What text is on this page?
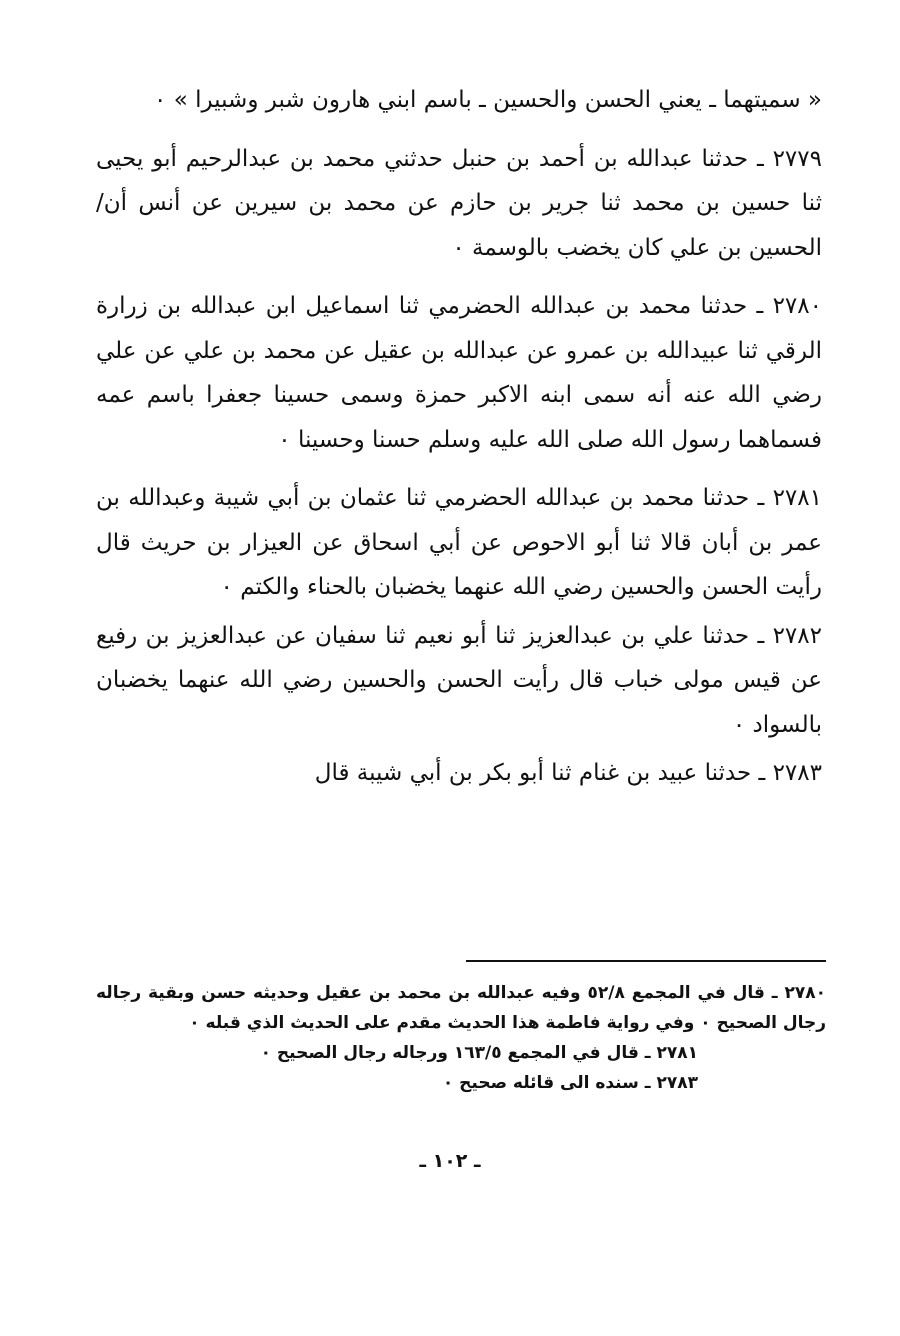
« سميتهما ـ يعني الحسن والحسين ـ باسم ابني هارون شبر وشبيرا » ٠

٢٧٧٩ ـ حدثنا عبدالله بن أحمد بن حنبل حدثني محمد بن عبدالرحيم أبو يحيى ثنا حسين بن محمد ثنا جرير بن حازم عن محمد بن سيرين عن أنس أن/الحسين بن علي كان يخضب بالوسمة ٠

٢٧٨٠ ـ حدثنا محمد بن عبدالله الحضرمي ثنا اسماعيل ابن عبدالله بن زرارة الرقي ثنا عبيدالله بن عمرو عن عبدالله بن عقيل عن محمد بن علي عن علي رضي الله عنه أنه سمى ابنه الاكبر حمزة وسمى حسينا جعفرا باسم عمه فسماهما رسول الله صلى الله عليه وسلم حسنا وحسينا ٠

٢٧٨١ ـ حدثنا محمد بن عبدالله الحضرمي ثنا عثمان بن أبي شيبة وعبدالله بن عمر بن أبان قالا ثنا أبو الاحوص عن أبي اسحاق عن العيزار بن حريث قال رأيت الحسن والحسين رضي الله عنهما يخضبان بالحناء والكتم ٠

٢٧٨٢ ـ حدثنا علي بن عبدالعزيز ثنا أبو نعيم ثنا سفيان عن عبدالعزيز بن رفيع عن قيس مولى خباب قال رأيت الحسن والحسين رضي الله عنهما يخضبان بالسواد ٠

٢٧٨٣ ـ حدثنا عبيد بن غنام ثنا أبو بكر بن أبي شيبة قال

٢٧٨٠ ـ قال في المجمع ٥٢/٨ وفيه عبدالله بن محمد بن عقيل وحديثه حسن وبقية رجاله رجال الصحيح ٠ وفي رواية فاطمة هذا الحديث مقدم على الحديث الذي قبله ٠

٢٧٨١ ـ قال في المجمع ١٦٣/٥ ورجاله رجال الصحيح ٠

٢٧٨٣ ـ سنده الى قائله صحيح ٠

ـ ١٠٢ ـ
